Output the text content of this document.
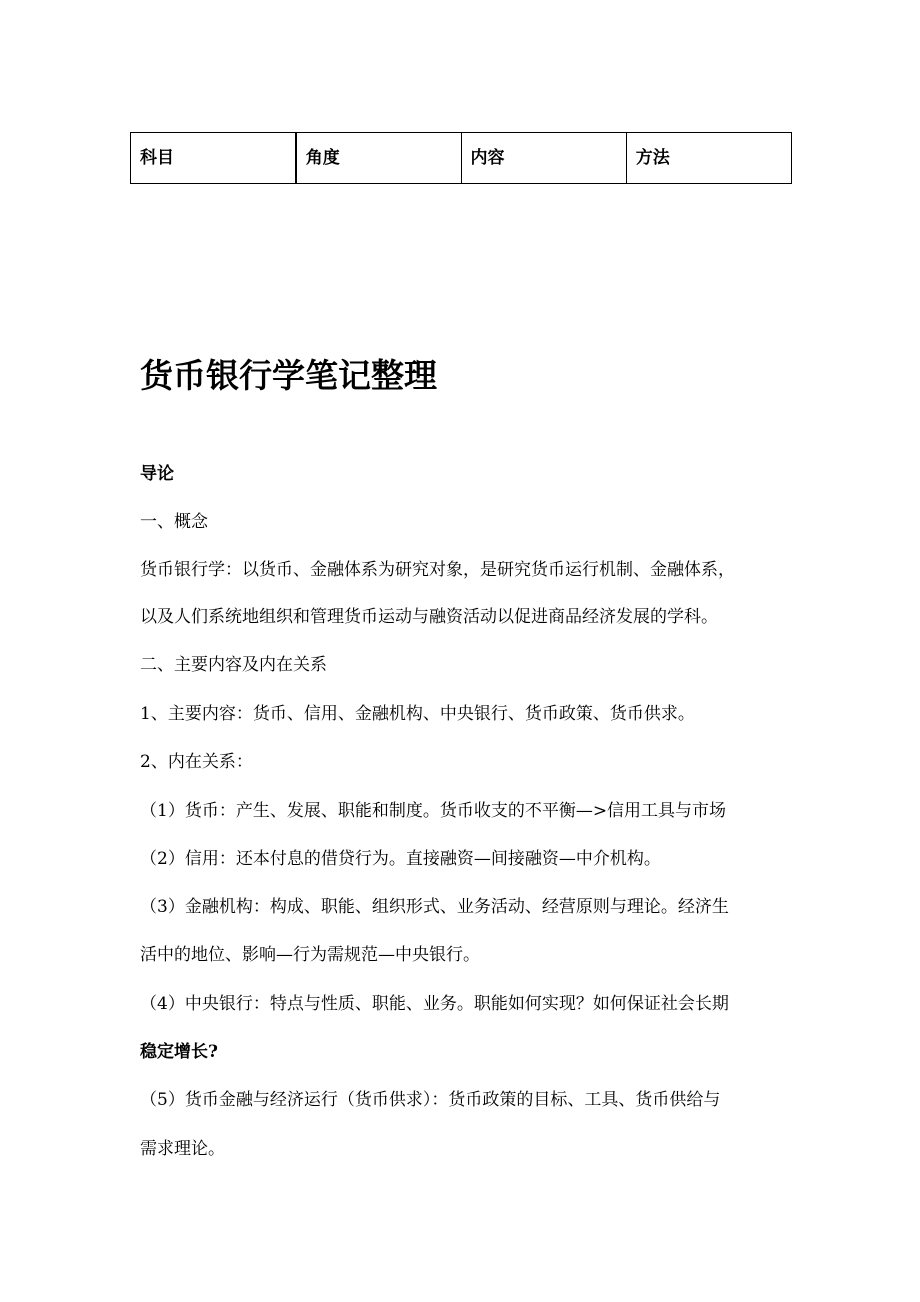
科目	角度	内容	方法
货币银行学笔记整理

导论

一、概念

货币银行学：以货币、金融体系为研究对象，是研究货币运行机制、金融体系，

以及人们系统地组织和管理货币运动与融资活动以促进商品经济发展的学科。

二、主要内容及内在关系

1、主要内容：货币、信用、金融机构、中央银行、货币政策、货币供求。

2、内在关系：

（1）货币：产生、发展、职能和制度。货币收支的不平衡—>信用工具与市场

（2）信用：还本付息的借贷行为。直接融资—间接融资—中介机构。

（3）金融机构：构成、职能、组织形式、业务活动、经营原则与理论。经济生

活中的地位、影响—行为需规范—中央银行。

（4）中央银行：特点与性质、职能、业务。职能如何实现？如何保证社会长期

稳定增长?

（5）货币金融与经济运行（货币供求）：货币政策的目标、工具、货币供给与

需求理论。
